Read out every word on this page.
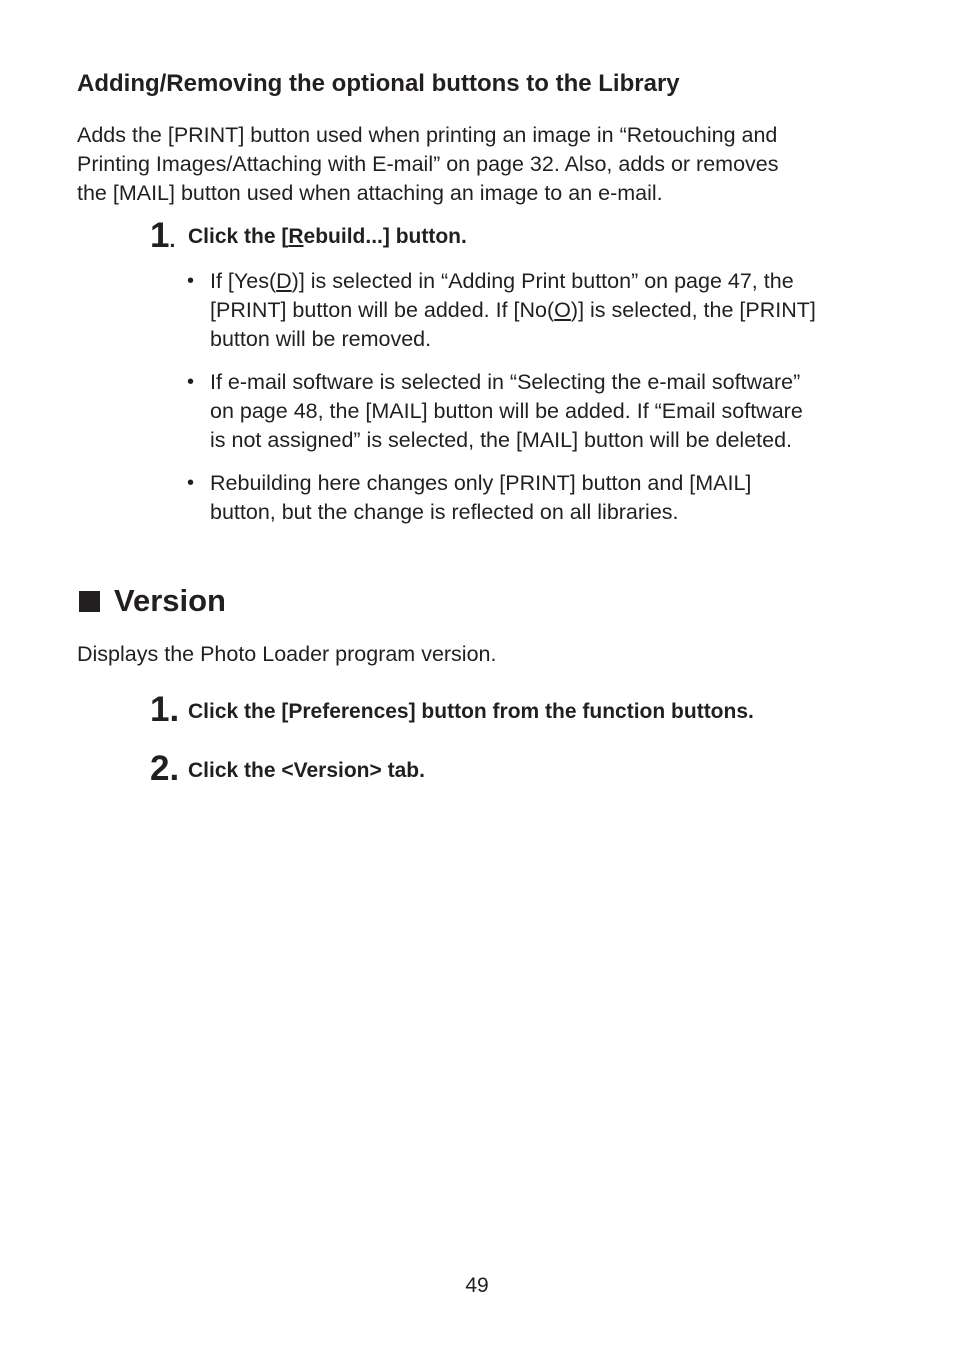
Adding/Removing the optional buttons to the Library
Adds the [PRINT] button used when printing an image in “Retouching and
Printing Images/Attaching with E-mail” on page 32. Also, adds or removes
the [MAIL] button used when attaching an image to an e-mail.
1. Click the [Rebuild...] button.
• If [Yes(D)] is selected in “Adding Print button” on page 47, the
[PRINT] button will be added. If [No(O)] is selected, the [PRINT]
button will be removed.
• If e-mail software is selected in “Selecting the e-mail software”
on page 48, the [MAIL] button will be added. If “Email software
is not assigned” is selected, the [MAIL] button will be deleted.
• Rebuilding here changes only [PRINT] button and [MAIL]
button, but the change is reflected on all libraries.
Version
Displays the Photo Loader program version.
1. Click the [Preferences] button from the function buttons.
2. Click the <Version> tab.
49
